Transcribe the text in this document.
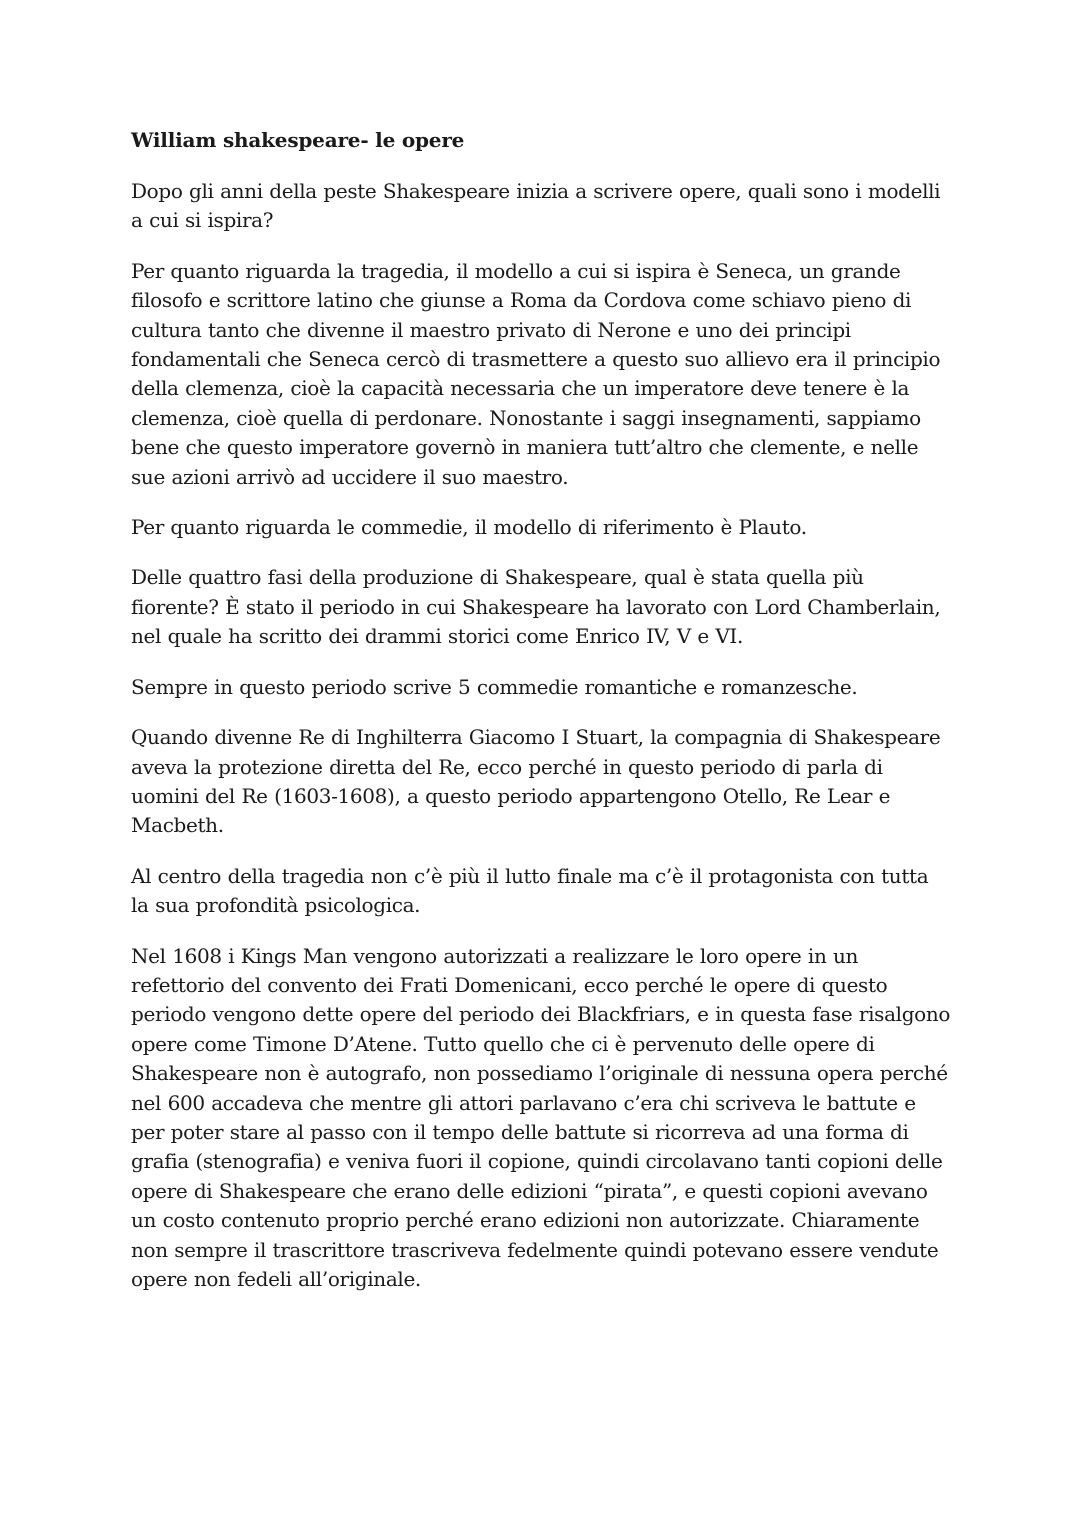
William shakespeare- le opere

Dopo gli anni della peste Shakespeare inizia a scrivere opere, quali sono i modelli a cui si ispira?

Per quanto riguarda la tragedia, il modello a cui si ispira è Seneca, un grande filosofo e scrittore latino che giunse a Roma da Cordova come schiavo pieno di cultura tanto che divenne il maestro privato di Nerone e uno dei principi fondamentali che Seneca cercò di trasmettere a questo suo allievo era il principio della clemenza, cioè la capacità necessaria che un imperatore deve tenere è la clemenza, cioè quella di perdonare. Nonostante i saggi insegnamenti, sappiamo bene che questo imperatore governò in maniera tutt’altro che clemente, e nelle sue azioni arrivò ad uccidere il suo maestro.

Per quanto riguarda le commedie, il modello di riferimento è Plauto.

Delle quattro fasi della produzione di Shakespeare, qual è stata quella più fiorente? È stato il periodo in cui Shakespeare ha lavorato con Lord Chamberlain, nel quale ha scritto dei drammi storici come Enrico IV, V e VI.

Sempre in questo periodo scrive 5 commedie romantiche e romanzesche.

Quando divenne Re di Inghilterra Giacomo I Stuart, la compagnia di Shakespeare aveva la protezione diretta del Re, ecco perché in questo periodo di parla di uomini del Re (1603-1608), a questo periodo appartengono Otello, Re Lear e Macbeth.

Al centro della tragedia non c’è più il lutto finale ma c’è il protagonista con tutta la sua profondità psicologica.

Nel 1608 i Kings Man vengono autorizzati a realizzare le loro opere in un refettorio del convento dei Frati Domenicani, ecco perché le opere di questo periodo vengono dette opere del periodo dei Blackfriars, e in questa fase risalgono opere come Timone D’Atene. Tutto quello che ci è pervenuto delle opere di Shakespeare non è autografo, non possediamo l’originale di nessuna opera perché nel 600 accadeva che mentre gli attori parlavano c’era chi scriveva le battute e per poter stare al passo con il tempo delle battute si ricorreva ad una forma di grafia (stenografia) e veniva fuori il copione, quindi circolavano tanti copioni delle opere di Shakespeare che erano delle edizioni “pirata”, e questi copioni avevano un costo contenuto proprio perché erano edizioni non autorizzate. Chiaramente non sempre il trascrittore trascriveva fedelmente quindi potevano essere vendute opere non fedeli all’originale.
